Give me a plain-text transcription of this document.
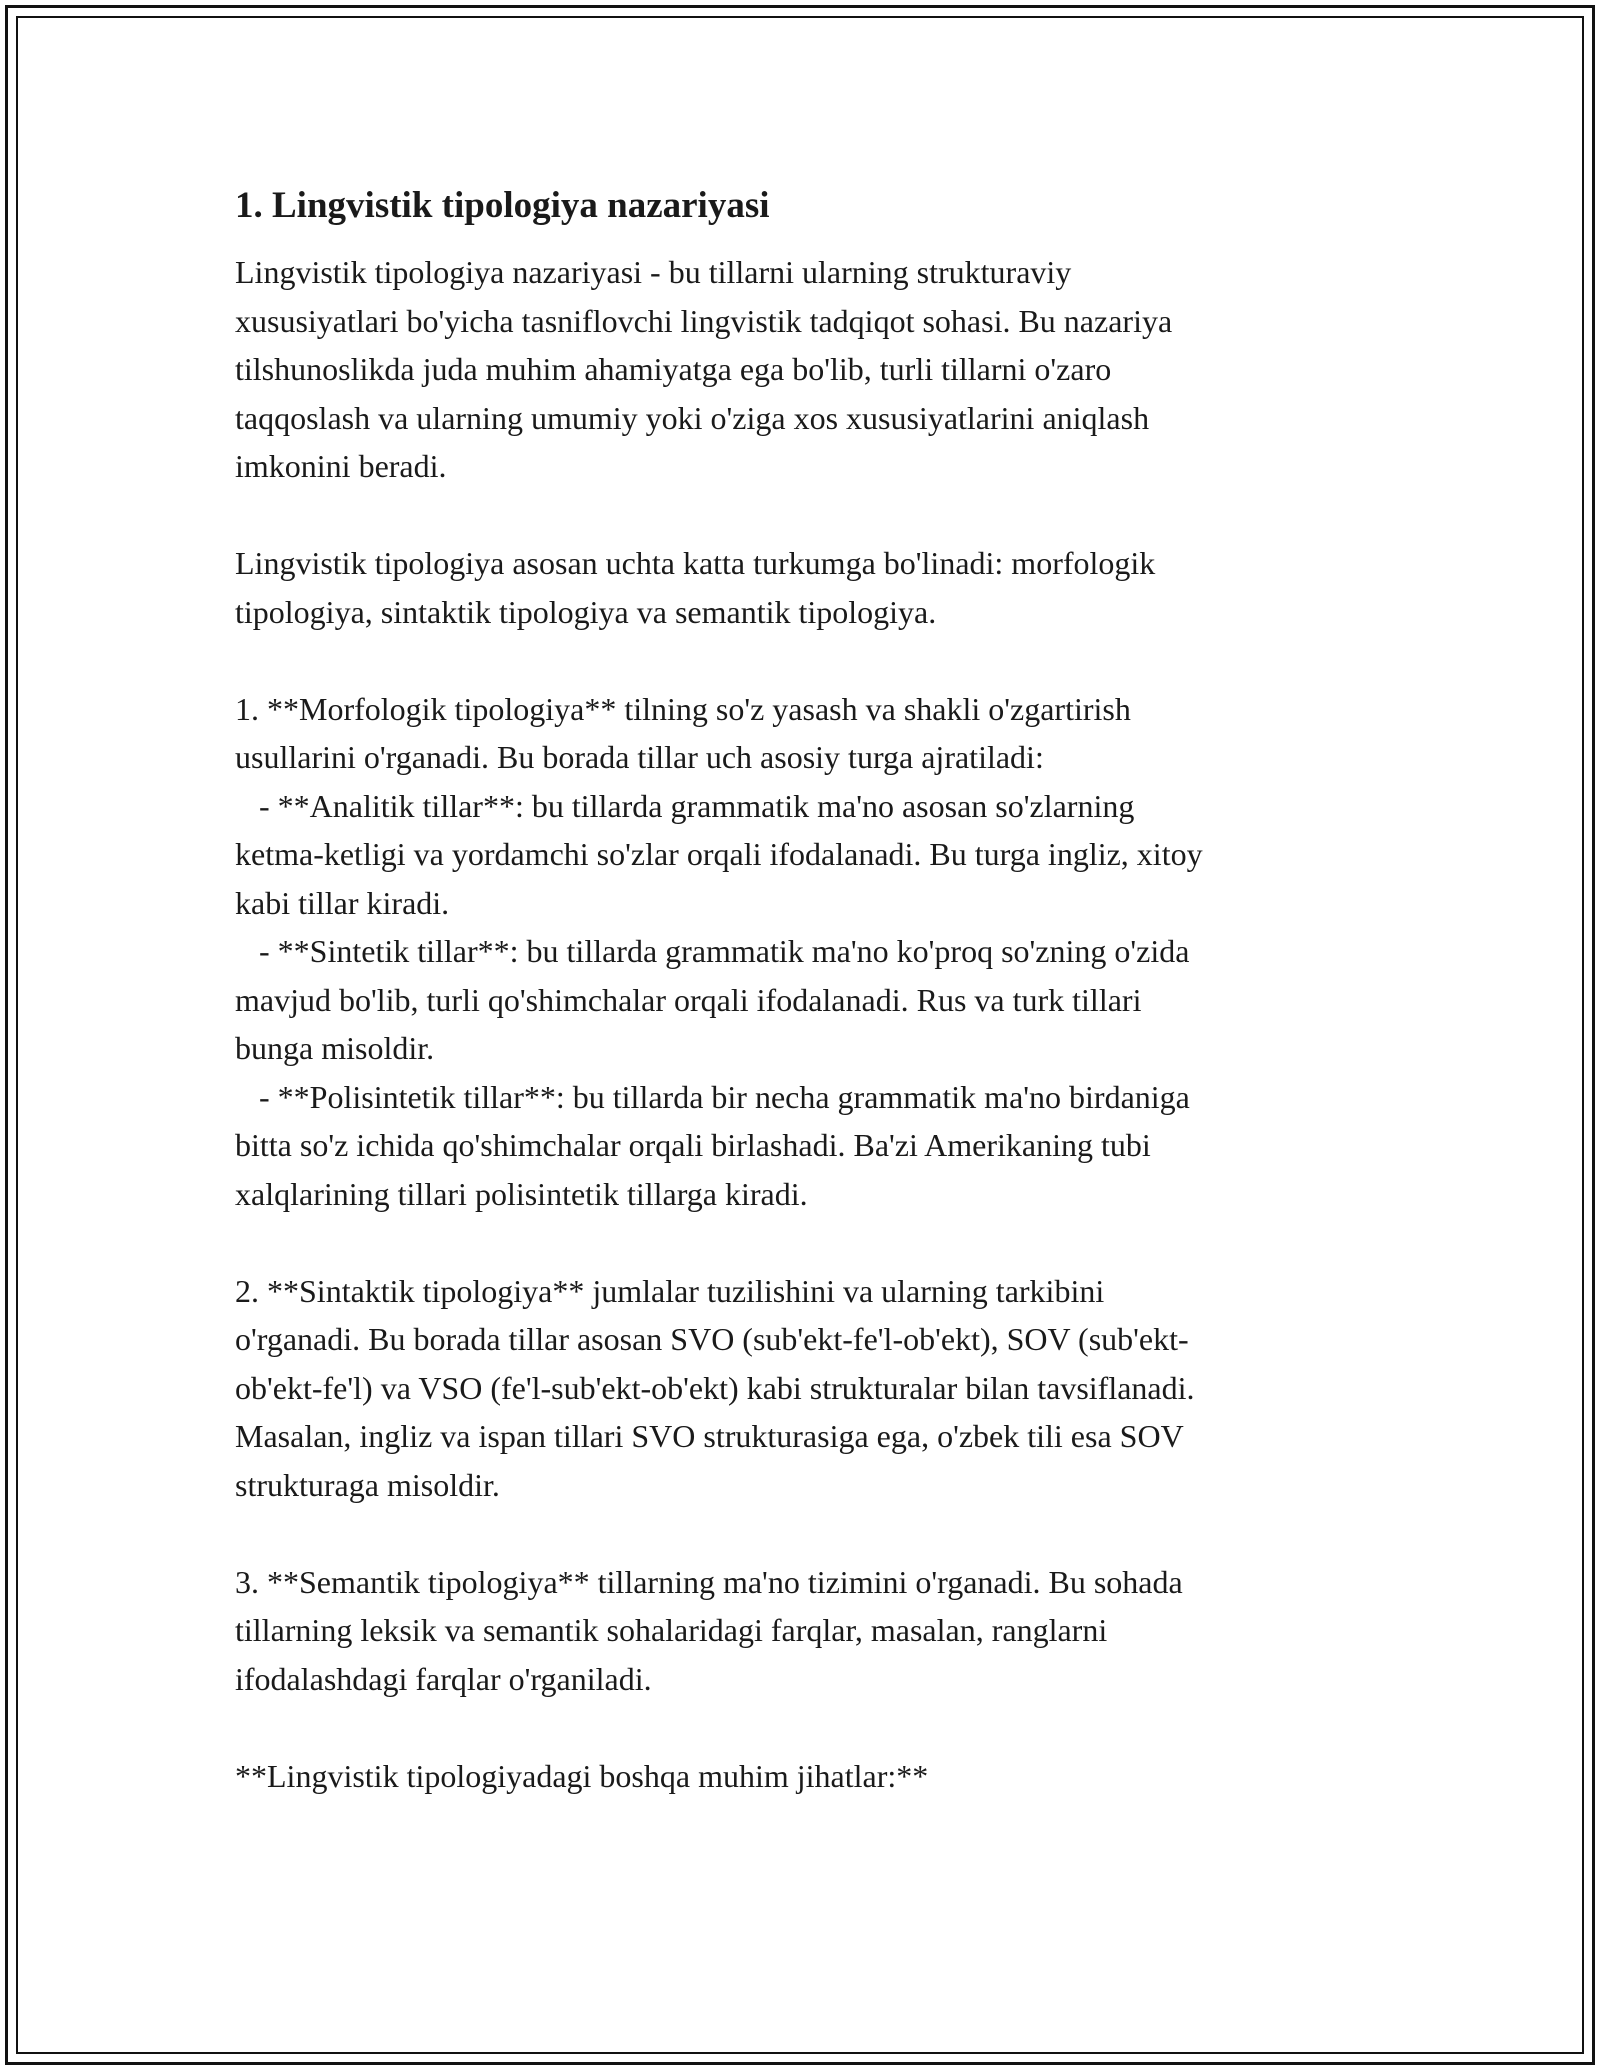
1. Lingvistik tipologiya nazariyasi

Lingvistik tipologiya nazariyasi - bu tillarni ularning strukturaviy
xususiyatlari bo'yicha tasniflovchi lingvistik tadqiqot sohasi. Bu nazariya
tilshunoslikda juda muhim ahamiyatga ega bo'lib, turli tillarni o'zaro
taqqoslash va ularning umumiy yoki o'ziga xos xususiyatlarini aniqlash
imkonini beradi.

Lingvistik tipologiya asosan uchta katta turkumga bo'linadi: morfologik
tipologiya, sintaktik tipologiya va semantik tipologiya.

1. **Morfologik tipologiya** tilning so'z yasash va shakli o'zgartirish
usullarini o'rganadi. Bu borada tillar uch asosiy turga ajratiladi:
- **Analitik tillar**: bu tillarda grammatik ma'no asosan so'zlarning
ketma-ketligi va yordamchi so'zlar orqali ifodalanadi. Bu turga ingliz, xitoy
kabi tillar kiradi.
- **Sintetik tillar**: bu tillarda grammatik ma'no ko'proq so'zning o'zida
mavjud bo'lib, turli qo'shimchalar orqali ifodalanadi. Rus va turk tillari
bunga misoldir.
- **Polisintetik tillar**: bu tillarda bir necha grammatik ma'no birdaniga
bitta so'z ichida qo'shimchalar orqali birlashadi. Ba'zi Amerikaning tubi
xalqlarining tillari polisintetik tillarga kiradi.

2. **Sintaktik tipologiya** jumlalar tuzilishini va ularning tarkibini
o'rganadi. Bu borada tillar asosan SVO (sub'ekt-fe'l-ob'ekt), SOV (sub'ekt-
ob'ekt-fe'l) va VSO (fe'l-sub'ekt-ob'ekt) kabi strukturalar bilan tavsiflanadi.
Masalan, ingliz va ispan tillari SVO strukturasiga ega, o'zbek tili esa SOV
strukturaga misoldir.

3. **Semantik tipologiya** tillarning ma'no tizimini o'rganadi. Bu sohada
tillarning leksik va semantik sohalaridagi farqlar, masalan, ranglarni
ifodalashdagi farqlar o'rganiladi.

**Lingvistik tipologiyadagi boshqa muhim jihatlar:**
